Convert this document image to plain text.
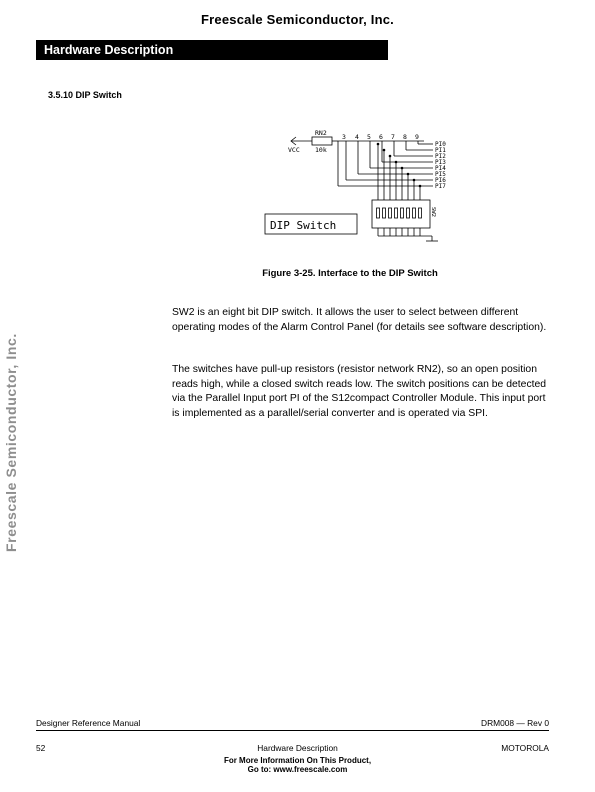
Freescale Semiconductor, Inc.
Hardware Description
Freescale Semiconductor, Inc.
3.5.10 DIP Switch
RN2
VCC 10k
3 4 5 6 7 8 9
PI0
PI1
PI2
PI3
PI4
PI5
PI6
PI7
SW2
DIP Switch
Figure 3-25. Interface to the DIP Switch
SW2 is an eight bit DIP switch. It allows the user to select between different operating modes of the Alarm Control Panel (for details see software description).
The switches have pull-up resistors (resistor network RN2), so an open position reads high, while a closed switch reads low. The switch positions can be detected via the Parallel Input port PI of the S12compact Controller Module. This input port is implemented as a parallel/serial converter and is operated via SPI.
Designer Reference Manual	DRM008 — Rev 0
52	Hardware Description	MOTOROLA
For More Information On This Product,
Go to: www.freescale.com
